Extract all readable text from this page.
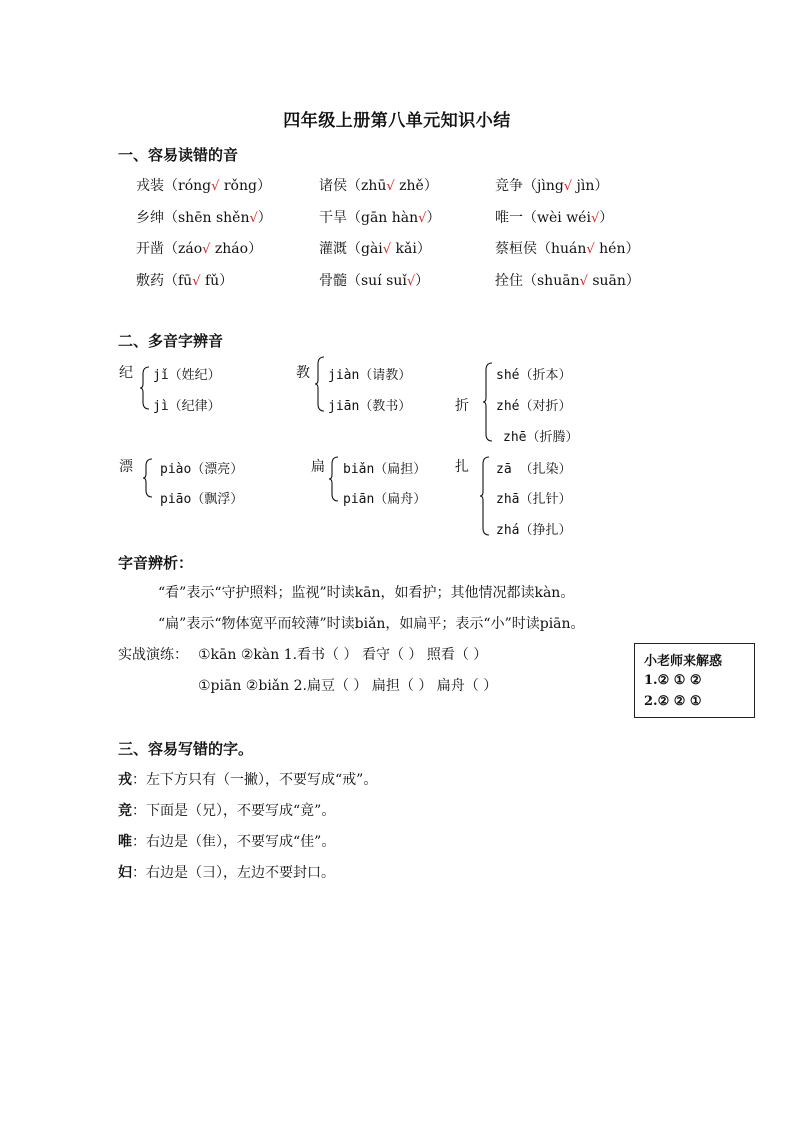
四年级上册第八单元知识小结
一、容易读错的音
戎装（róng√ rǒng）	诸侯（zhū√ zhě）	竞争（jìng√ jìn）
乡绅（shēn shěn√）	干旱（gān hàn√）	唯一（wèi wéi√）
开凿（záo√ zháo）	灌溉（gài√ kǎi）	蔡桓侯（huán√ hén）
敷药（fū√ fǔ）	骨髓（suí suǐ√）	拴住（shuān√ suān）
二、多音字辨音
纪 jǐ（姓纪）
jì（纪律）
教 jiàn（请教）
jiān（教书）	折
shé（折本）
zhé（对折）
zhē（折腾）
漂 piào（漂亮）
piāo（飘浮）
扁 biǎn（扁担）
piān（扁舟）
扎 zā （扎染）
zhā（扎针）
zhá（挣扎）
字音辨析：
“看”表示“守护照料；监视”时读kān，如看护；其他情况都读kàn。
“扁”表示“物体宽平而较薄”时读biǎn，如扁平；表示“小”时读piān。
实战演练： ①kān ②kàn 1.看书（ ） 看守（ ） 照看（ ）
①piān ②biǎn 2.扁豆（ ） 扁担（ ） 扁舟（ ）
小老师来解惑
1.② ① ②
2.② ② ①
三、容易写错的字。
戎：左下方只有（一撇），不要写成“戒”。
竞：下面是（兄），不要写成“竟”。
唯：右边是（隹），不要写成“佳”。
妇：右边是（彐），左边不要封口。
